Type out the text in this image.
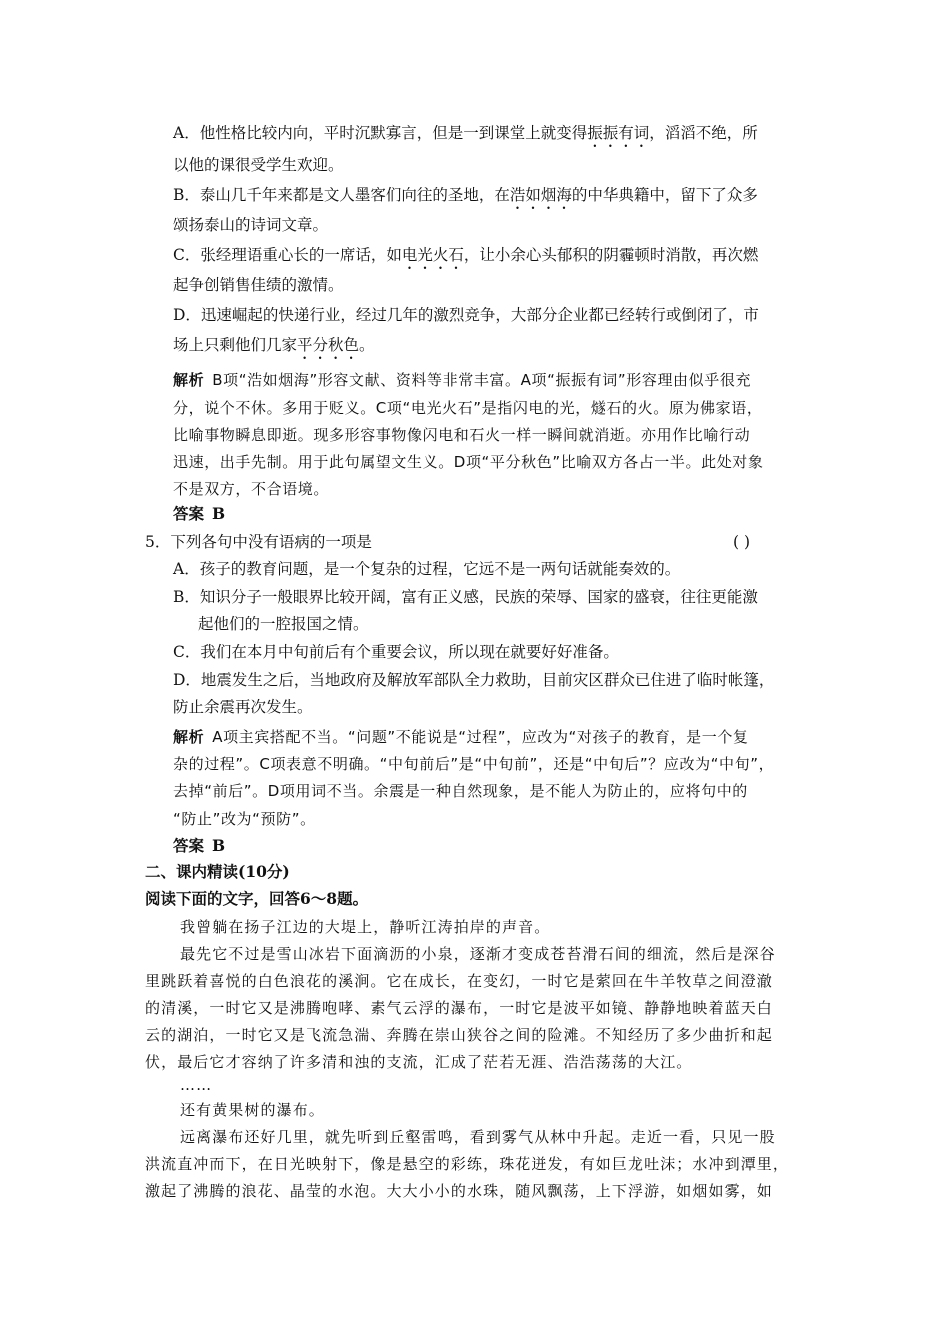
A．他性格比较内向，平时沉默寡言，但是一到课堂上就变得振振有词，滔滔不绝，所
以他的课很受学生欢迎。
B．泰山几千年来都是文人墨客们向往的圣地，在浩如烟海的中华典籍中，留下了众多
颂扬泰山的诗词文章。
C．张经理语重心长的一席话，如电光火石，让小余心头郁积的阴霾顿时消散，再次燃
起争创销售佳绩的激情。
D．迅速崛起的快递行业，经过几年的激烈竞争，大部分企业都已经转行或倒闭了，市
场上只剩他们几家平分秋色。
解析 B项“浩如烟海”形容文献、资料等非常丰富。A项“振振有词”形容理由似乎很充
分，说个不休。多用于贬义。C项“电光火石”是指闪电的光，燧石的火。原为佛家语，
比喻事物瞬息即逝。现多形容事物像闪电和石火一样一瞬间就消逝。亦用作比喻行动
迅速，出手先制。用于此句属望文生义。D项“平分秋色”比喻双方各占一半。此处对象
不是双方，不合语境。
答案 B
5．下列各句中没有语病的一项是	( )
A．孩子的教育问题，是一个复杂的过程，它远不是一两句话就能奏效的。
B．知识分子一般眼界比较开阔，富有正义感，民族的荣辱、国家的盛衰，往往更能激
起他们的一腔报国之情。
C．我们在本月中旬前后有个重要会议，所以现在就要好好准备。
D．地震发生之后，当地政府及解放军部队全力救助，目前灾区群众已住进了临时帐篷，
防止余震再次发生。
解析 A项主宾搭配不当。“问题”不能说是“过程”，应改为“对孩子的教育，是一个复
杂的过程”。C项表意不明确。“中旬前后”是“中旬前”，还是“中旬后”？应改为“中旬”，
去掉“前后”。D项用词不当。余震是一种自然现象，是不能人为防止的，应将句中的
“防止”改为“预防”。
答案 B
二、课内精读(10分)
阅读下面的文字，回答6～8题。
我曾躺在扬子江边的大堤上，静听江涛拍岸的声音。
最先它不过是雪山冰岩下面滴沥的小泉，逐渐才变成苍苔滑石间的细流，然后是深谷
里跳跃着喜悦的白色浪花的溪涧。它在成长，在变幻，一时它是萦回在牛羊牧草之间澄澈
的清溪，一时它又是沸腾咆哮、素气云浮的瀑布，一时它是波平如镜、静静地映着蓝天白
云的湖泊，一时它又是飞流急湍、奔腾在崇山狭谷之间的险滩。不知经历了多少曲折和起
伏，最后它才容纳了许多清和浊的支流，汇成了茫若无涯、浩浩荡荡的大江。
……
还有黄果树的瀑布。
远离瀑布还好几里，就先听到丘壑雷鸣，看到雾气从林中升起。走近一看，只见一股
洪流直冲而下，在日光映射下，像是悬空的彩练，珠花迸发，有如巨龙吐沫；水冲到潭里，
激起了沸腾的浪花、晶莹的水泡。大大小小的水珠，随风飘荡，上下浮游，如烟如雾，如
